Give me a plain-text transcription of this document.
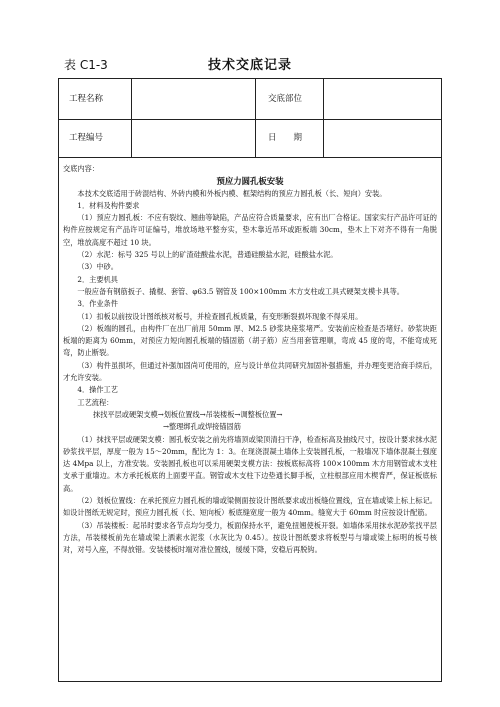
表 C1-3	技术交底记录
工程名称	交底部位
工程编号	日　　期

交底内容：

预应力圆孔板安装

本技术交底适用于砖混结构、外砖内模和外板内模、框架结构的预应力圆孔板（长、短向）安装。

1．材料及构件要求

（1）预应力圆孔板：不应有裂纹、翘曲等缺陷，产品应符合质量要求，应有出厂合格证。国家实行产品许可证的构件应按规定有产品许可证编号，堆放场地平整夯实，垫木靠近吊环或距板端 30cm，垫木上下对齐不得有一角脱空，堆放高度不超过 10 块。

（2）水泥：标号 325 号以上的矿渣硅酸盐水泥，普通硅酸盐水泥，硅酸盐水泥。

（3）中砂。

2．主要机具

一般应备有钢筋扳子、撬棍、套管、φ63.5 钢管及 100×100mm 木方支柱或工具式硬架支模卡具等。

3．作业条件

（1）扣板以前按设计图纸核对板号，并检查圆孔板质量，有变形断裂损坏现象不得采用。

（2）板端的圆孔，由构件厂在出厂前用 50mm 厚、M2.5 砂浆块座浆堵严。安装前应检查是否堵好。砂浆块距板端的距离为 60mm，对预应力短向圆孔板端的锚固筋（胡子筋）应当用套管理顺，弯成 45 度的弯，不能弯成死弯，防止断裂。

（3）构件虽损坏，但通过补强加固尚可使用的，应与设计单位共同研究加固补强措施，并办理变更洽商手续后，才允许安装。

4．操作工艺

工艺流程：

抹找平层或硬架支模→划板位置线→吊装楼板→调整板位置→

→整理绑孔或焊接锚固筋

（1）抹找平层或硬架支模：圆孔板安装之前先将墙顶或梁顶清扫干净，检查标高及抽线尺寸，按设计要求抹水泥砂浆找平层，厚度一般为 15～20mm，配比为 1：3。在现浇混凝土墙体上安装圆孔板，一般墙况下墙体混凝土强度达 4Mpa 以上，方准安装。安装圆孔板也可以采用硬架支模方法：按板底标高将 100×100mm 木方用钢管或木支柱支承于重墙边。木方承托板底的上面要平直。钢管或木支柱下边垫通长脚手板，立柱根部应用木楔背严，保证板底标高。

（2）划板位置线：在承托预应力圆孔板的墙或梁侧面按设计图纸要求或出板缝位置线，宜在墙或梁上标上标记。如设计图纸无规定时，预应力圆孔板（长、短向板）板底缝宽度一般为 40mm。缝宽大于 60mm 时应按设计配筋。

（3）吊装楼板：起吊时要求各节点均匀受力，板面保持水平，避免扭翘使板开裂。如墙体采用抹水泥砂浆找平层方法，吊装楼板前先在墙或梁上洒素水泥浆（水灰比为 0.45）。按设计图纸要求将板型号与墙或梁上标明的板号核对，对号入座，不得放错。安装楼板时端对准位置线，缓缓下降，安稳后再脱钩。
